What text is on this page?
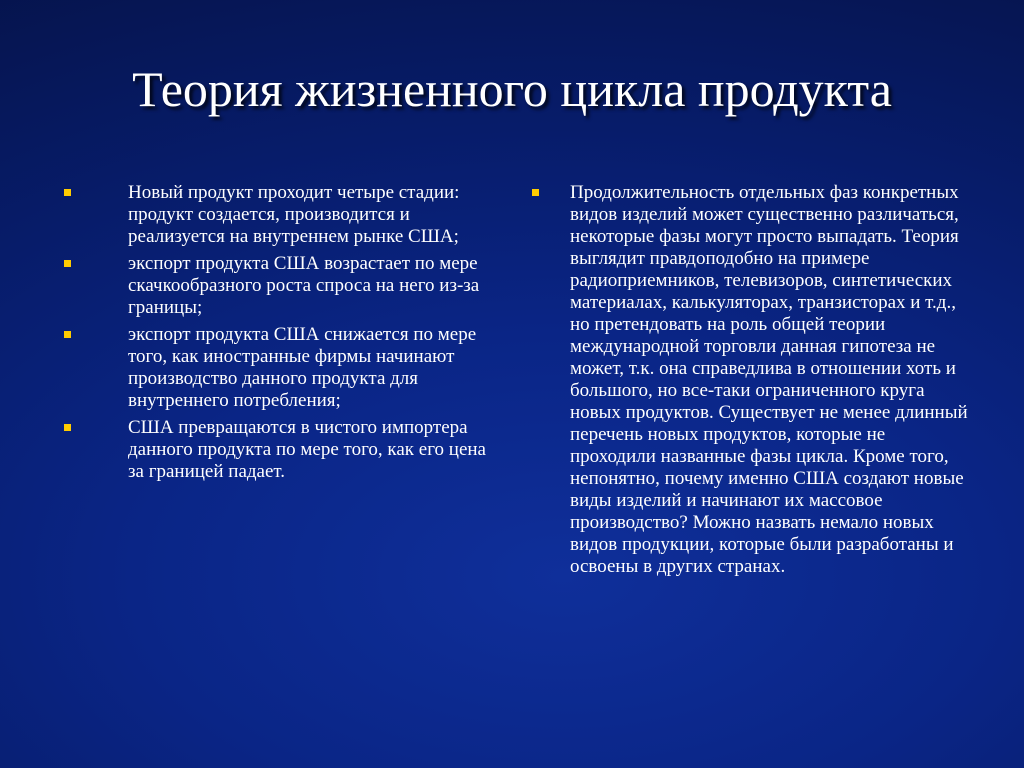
Теория жизненного цикла продукта
Новый продукт проходит четыре стадии: продукт создается, производится и реализуется на внутреннем рынке США;
экспорт продукта США возрастает по мере скачкообразного роста спроса на него из-за границы;
экспорт продукта США снижается по мере того, как иностранные фирмы начинают производство данного продукта для внутреннего потребления;
США превращаются в чистого импортера данного продукта по мере того, как его цена за границей падает.
Продолжительность отдельных фаз конкретных видов изделий может существенно различаться, некоторые фазы могут просто выпадать. Теория выглядит правдоподобно на примере радиоприемников, телевизоров, синтетических материалах, калькуляторах, транзисторах и т.д., но претендовать на роль общей теории международной торговли данная гипотеза не может, т.к. она справедлива в отношении хоть и большого, но все-таки ограниченного круга новых продуктов. Существует не менее длинный перечень новых продуктов, которые не проходили названные фазы цикла. Кроме того, непонятно, почему именно США создают новые виды изделий и начинают их массовое производство? Можно назвать немало новых видов продукции, которые были разработаны и освоены в других странах.
